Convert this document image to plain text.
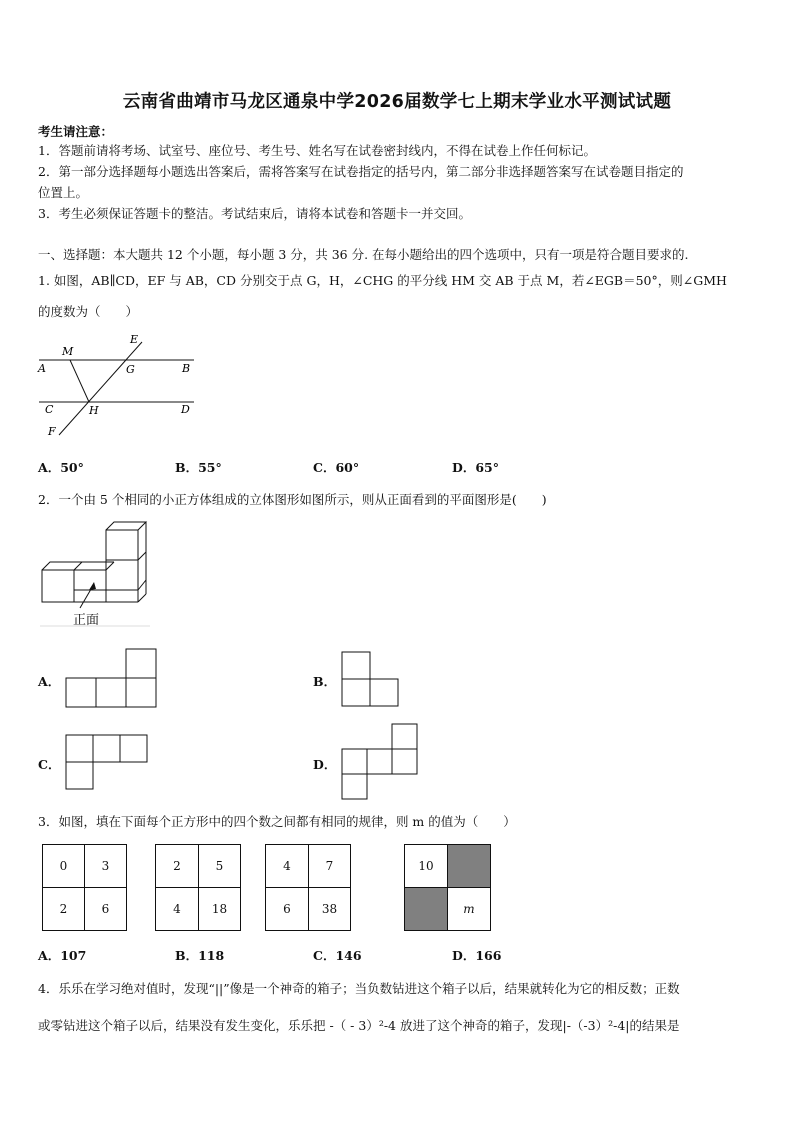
云南省曲靖市马龙区通泉中学2026届数学七上期末学业水平测试试题
考生请注意：
1．答题前请将考场、试室号、座位号、考生号、姓名写在试卷密封线内，不得在试卷上作任何标记。
2．第一部分选择题每小题选出答案后，需将答案写在试卷指定的括号内，第二部分非选择题答案写在试卷题目指定的
位置上。
3．考生必须保证答题卡的整洁。考试结束后，请将本试卷和答题卡一并交回。
一、选择题：本大题共 12 个小题，每小题 3 分，共 36 分. 在每小题给出的四个选项中，只有一项是符合题目要求的.
1. 如图，AB∥CD，EF 与 AB，CD 分别交于点 G，H，∠CHG 的平分线 HM 交 AB 于点 M，若∠EGB＝50°，则∠GMH
的度数为（　　）
M
E
A	G	B
C	H	D
F
A．50°	B．55°	C．60°	D．65°
2．一个由 5 个相同的小正方体组成的立体图形如图所示，则从正面看到的平面图形是(　　)
正面
A．	B．
C．	D．
3．如图，填在下面每个正方形中的四个数之间都有相同的规律，则 m 的值为（　　）
0	3
2	6
2	5
4	18
4	7
6	38
10
m
A．107	B．118	C．146	D．166
4．乐乐在学习绝对值时，发现“||”像是一个神奇的箱子；当负数钻进这个箱子以后，结果就转化为它的相反数；正数
或零钻进这个箱子以后，结果没有发生变化，乐乐把 -（ - 3）²-4 放进了这个神奇的箱子，发现|-（-3）²-4|的结果是
